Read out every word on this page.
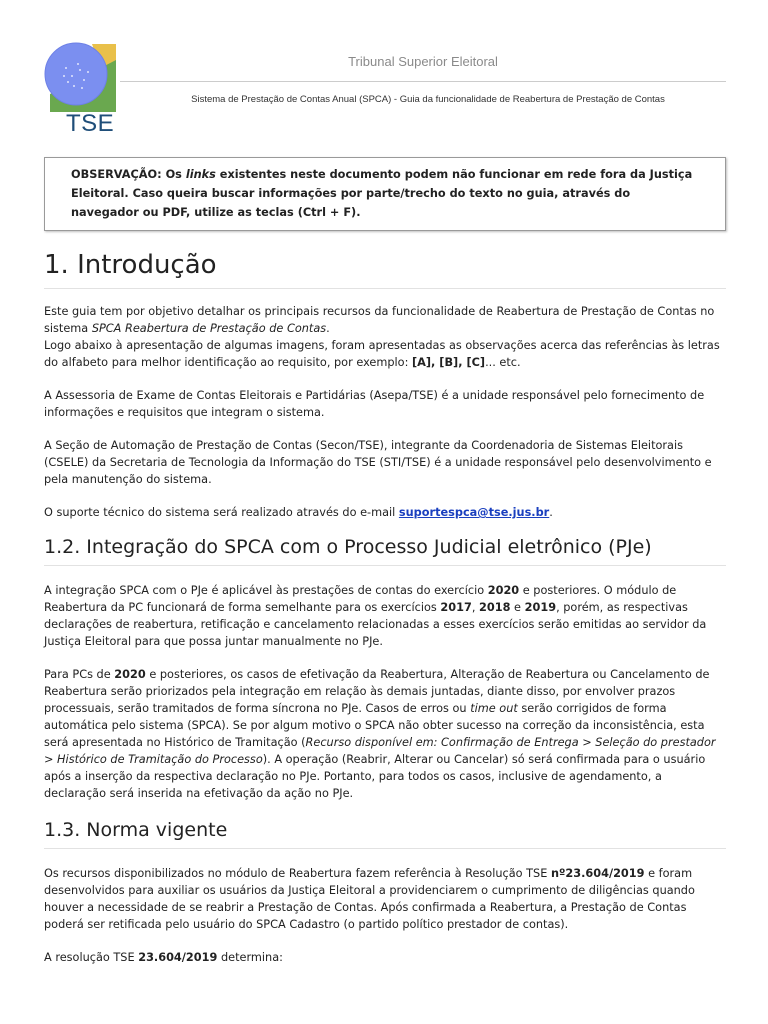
TSE
Tribunal Superior Eleitoral
Sistema de Prestação de Contas Anual (SPCA) - Guia da funcionalidade de Reabertura de Prestação de Contas
OBSERVAÇÃO: Os links existentes neste documento podem não funcionar em rede fora da Justiça Eleitoral. Caso queira buscar informações por parte/trecho do texto no guia, através do navegador ou PDF, utilize as teclas (Ctrl + F).
1. Introdução

Este guia tem por objetivo detalhar os principais recursos da funcionalidade de Reabertura de Prestação de Contas no sistema SPCA Reabertura de Prestação de Contas.
Logo abaixo à apresentação de algumas imagens, foram apresentadas as observações acerca das referências às letras do alfabeto para melhor identificação ao requisito, por exemplo: [A], [B], [C]... etc.

A Assessoria de Exame de Contas Eleitorais e Partidárias (Asepa/TSE) é a unidade responsável pelo fornecimento de informações e requisitos que integram o sistema.

A Seção de Automação de Prestação de Contas (Secon/TSE), integrante da Coordenadoria de Sistemas Eleitorais (CSELE) da Secretaria de Tecnologia da Informação do TSE (STI/TSE) é a unidade responsável pelo desenvolvimento e pela manutenção do sistema.

O suporte técnico do sistema será realizado através do e-mail suportespca@tse.jus.br.

1.2. Integração do SPCA com o Processo Judicial eletrônico (PJe)

A integração SPCA com o PJe é aplicável às prestações de contas do exercício 2020 e posteriores. O módulo de Reabertura da PC funcionará de forma semelhante para os exercícios 2017, 2018 e 2019, porém, as respectivas declarações de reabertura, retificação e cancelamento relacionadas a esses exercícios serão emitidas ao servidor da Justiça Eleitoral para que possa juntar manualmente no PJe.

Para PCs de 2020 e posteriores, os casos de efetivação da Reabertura, Alteração de Reabertura ou Cancelamento de Reabertura serão priorizados pela integração em relação às demais juntadas, diante disso, por envolver prazos processuais, serão tramitados de forma síncrona no PJe. Casos de erros ou time out serão corrigidos de forma automática pelo sistema (SPCA). Se por algum motivo o SPCA não obter sucesso na correção da inconsistência, esta será apresentada no Histórico de Tramitação (Recurso disponível em: Confirmação de Entrega > Seleção do prestador > Histórico de Tramitação do Processo). A operação (Reabrir, Alterar ou Cancelar) só será confirmada para o usuário após a inserção da respectiva declaração no PJe. Portanto, para todos os casos, inclusive de agendamento, a declaração será inserida na efetivação da ação no PJe.

1.3. Norma vigente

Os recursos disponibilizados no módulo de Reabertura fazem referência à Resolução TSE nº23.604/2019 e foram desenvolvidos para auxiliar os usuários da Justiça Eleitoral a providenciarem o cumprimento de diligências quando houver a necessidade de se reabrir a Prestação de Contas. Após confirmada a Reabertura, a Prestação de Contas poderá ser retificada pelo usuário do SPCA Cadastro (o partido político prestador de contas).

A resolução TSE 23.604/2019 determina:
